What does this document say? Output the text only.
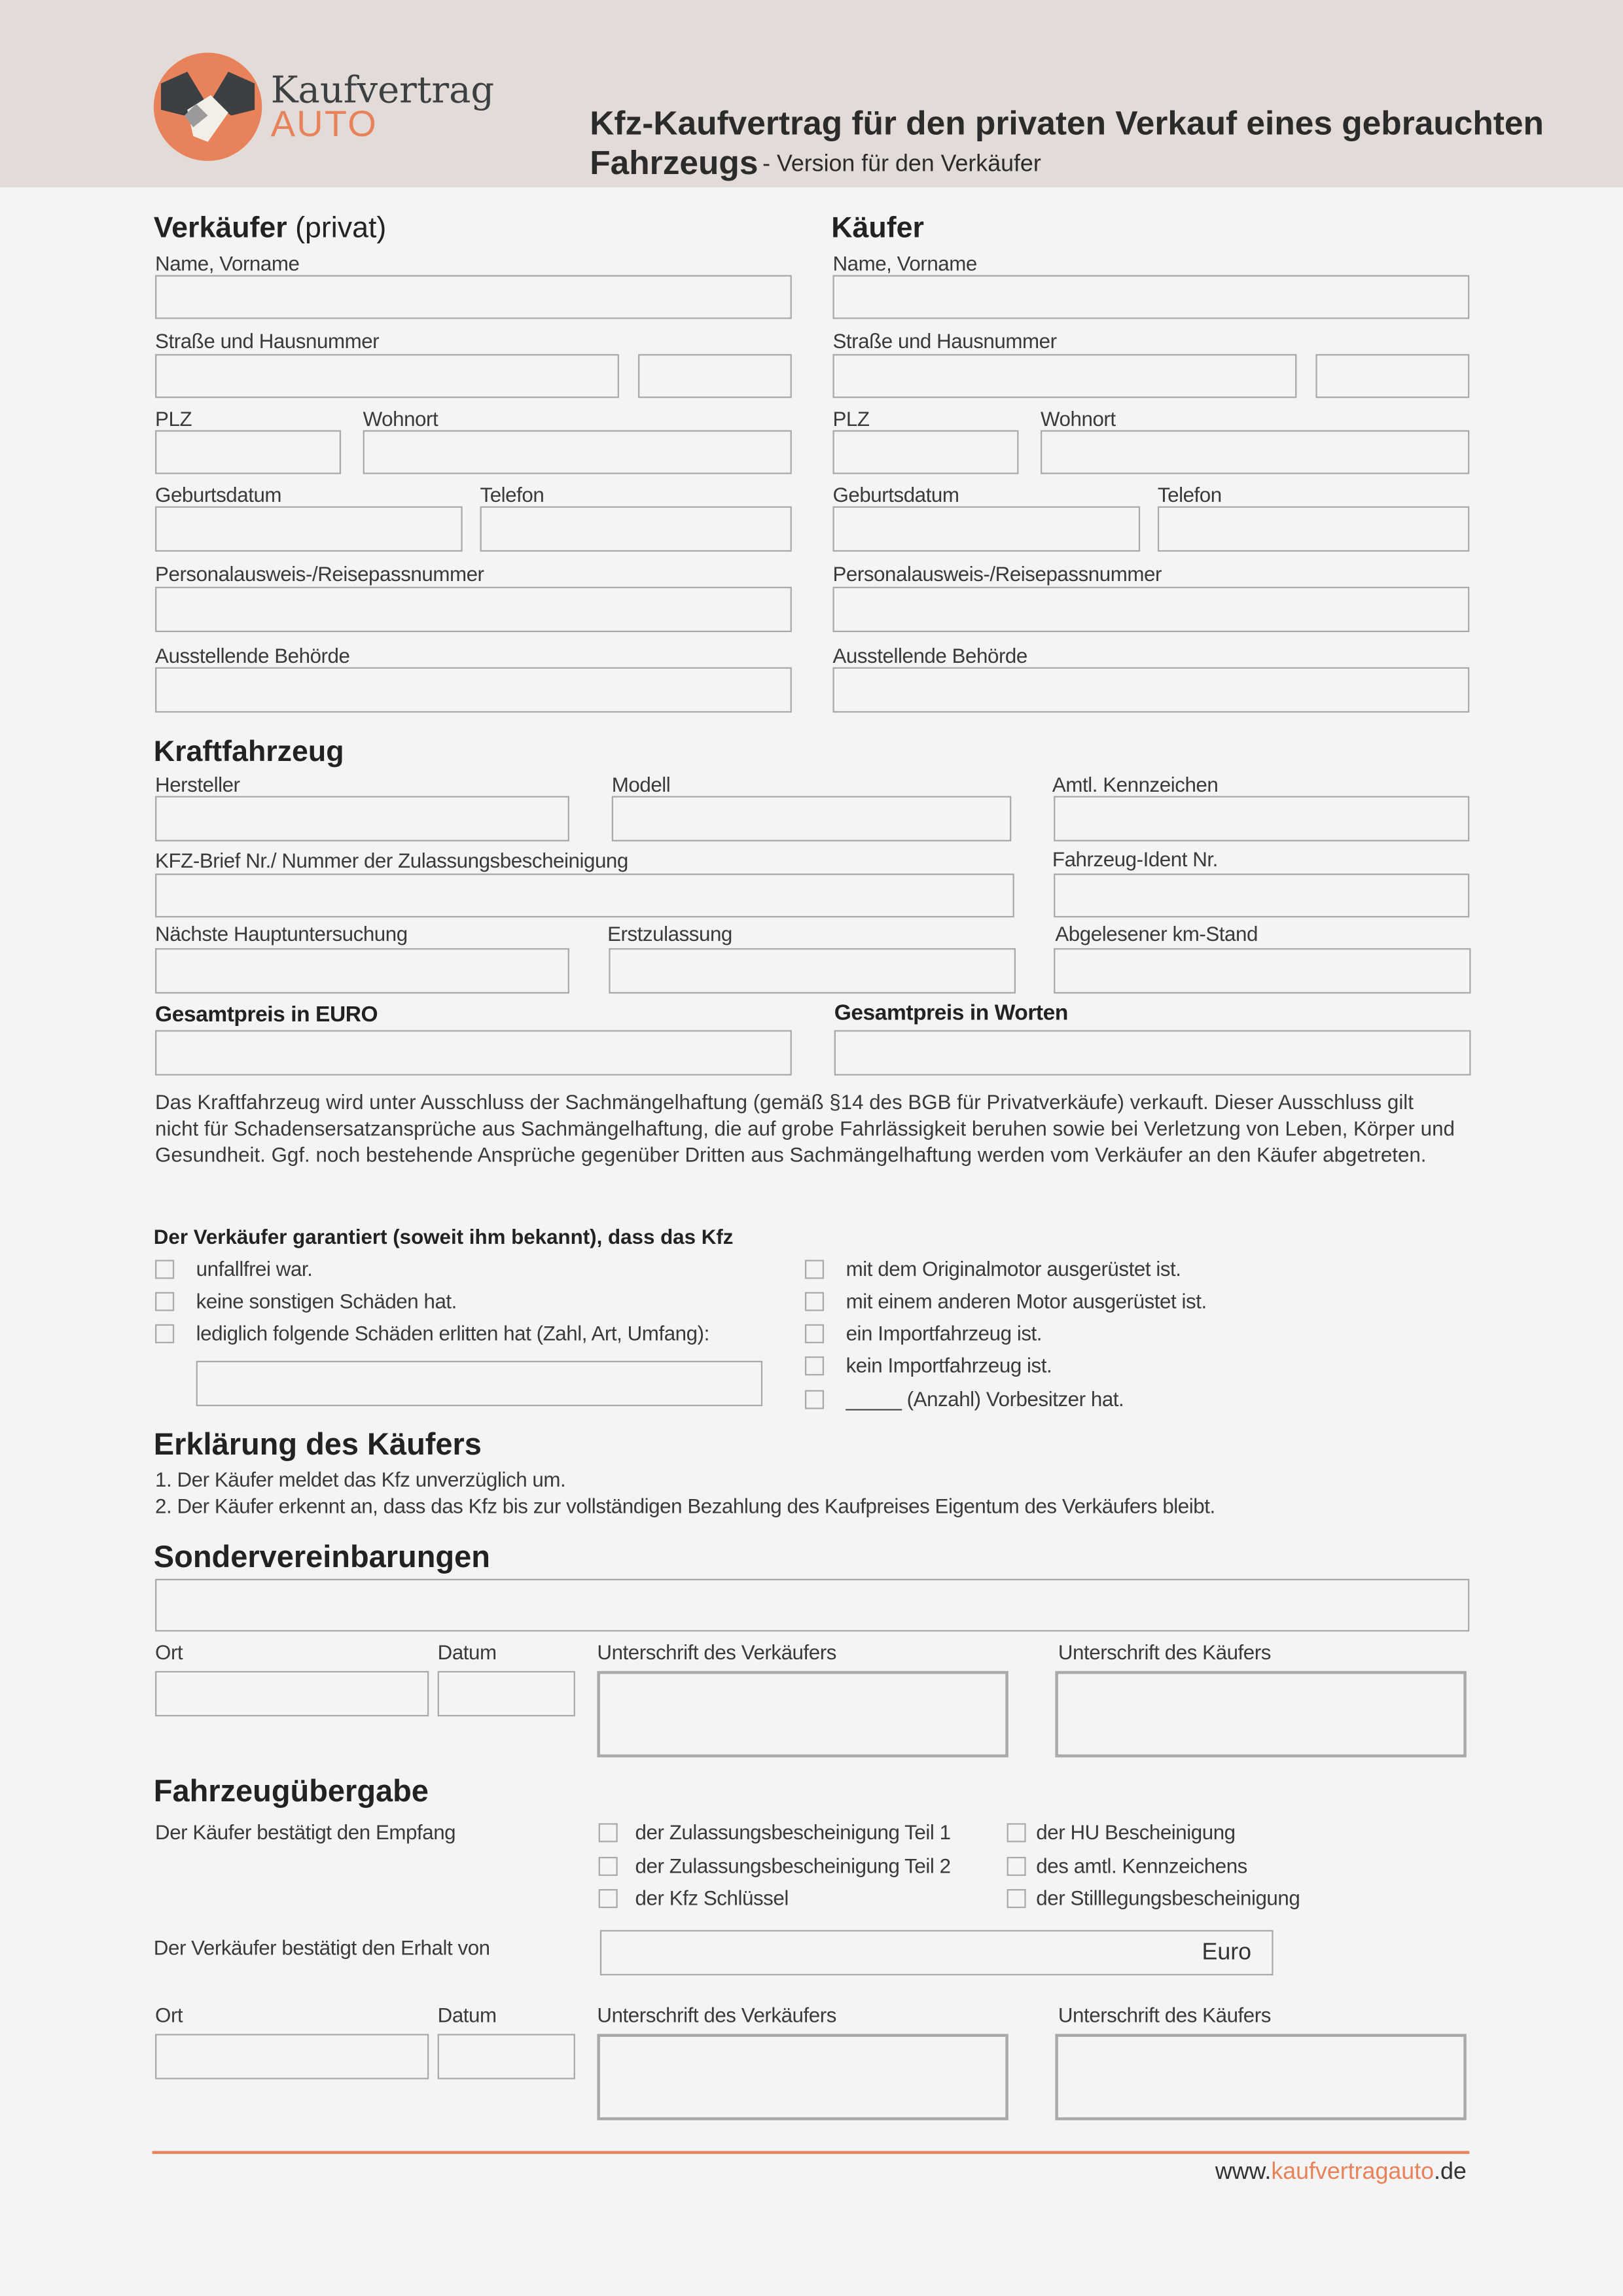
Kaufvertrag
AUTO	Kfz-Kaufvertrag für den privaten Verkauf eines gebrauchten
Fahrzeugs - Version für den Verkäufer
Verkäufer (privat)
Name, Vorname
Straße und Hausnummer
PLZ	Wohnort
Geburtsdatum	Telefon
Personalausweis-/Reisepassnummer
Ausstellende Behörde
Käufer
Name, Vorname
Straße und Hausnummer
PLZ	Wohnort
Geburtsdatum	Telefon
Personalausweis-/Reisepassnummer
Ausstellende Behörde
Kraftfahrzeug
Hersteller	Modell	Amtl. Kennzeichen
KFZ-Brief Nr./ Nummer der Zulassungsbescheinigung	Fahrzeug-Ident Nr.
Nächste Hauptuntersuchung	Erstzulassung	Abgelesener km-Stand
Gesamtpreis in EURO	Gesamtpreis in Worten
Das Kraftfahrzeug wird unter Ausschluss der Sachmängelhaftung (gemäß §14 des BGB für Privatverkäufe) verkauft. Dieser Ausschluss gilt nicht für Schadensersatzansprüche aus Sachmängelhaftung, die auf grobe Fahrlässigkeit beruhen sowie bei Verletzung von Leben, Körper und Gesundheit. Ggf. noch bestehende Ansprüche gegenüber Dritten aus Sachmängelhaftung werden vom Verkäufer an den Käufer abgetreten.
Der Verkäufer garantiert (soweit ihm bekannt), dass das Kfz
unfallfrei war.
keine sonstigen Schäden hat.
lediglich folgende Schäden erlitten hat (Zahl, Art, Umfang):
mit dem Originalmotor ausgerüstet ist.
mit einem anderen Motor ausgerüstet ist.
ein Importfahrzeug ist.
kein Importfahrzeug ist.
_____ (Anzahl) Vorbesitzer hat.
Erklärung des Käufers
1. Der Käufer meldet das Kfz unverzüglich um.
2. Der Käufer erkennt an, dass das Kfz bis zur vollständigen Bezahlung des Kaufpreises Eigentum des Verkäufers bleibt.
Sondervereinbarungen
Ort	Datum	Unterschrift des Verkäufers	Unterschrift des Käufers
Fahrzeugübergabe
Der Käufer bestätigt den Empfang	der Zulassungsbescheinigung Teil 1
der Zulassungsbescheinigung Teil 2
der Kfz Schlüssel
der HU Bescheinigung
des amtl. Kennzeichens
der Stilllegungsbescheinigung
Der Verkäufer bestätigt den Erhalt von	Euro
Ort	Datum	Unterschrift des Verkäufers	Unterschrift des Käufers
www.kaufvertragauto.de
